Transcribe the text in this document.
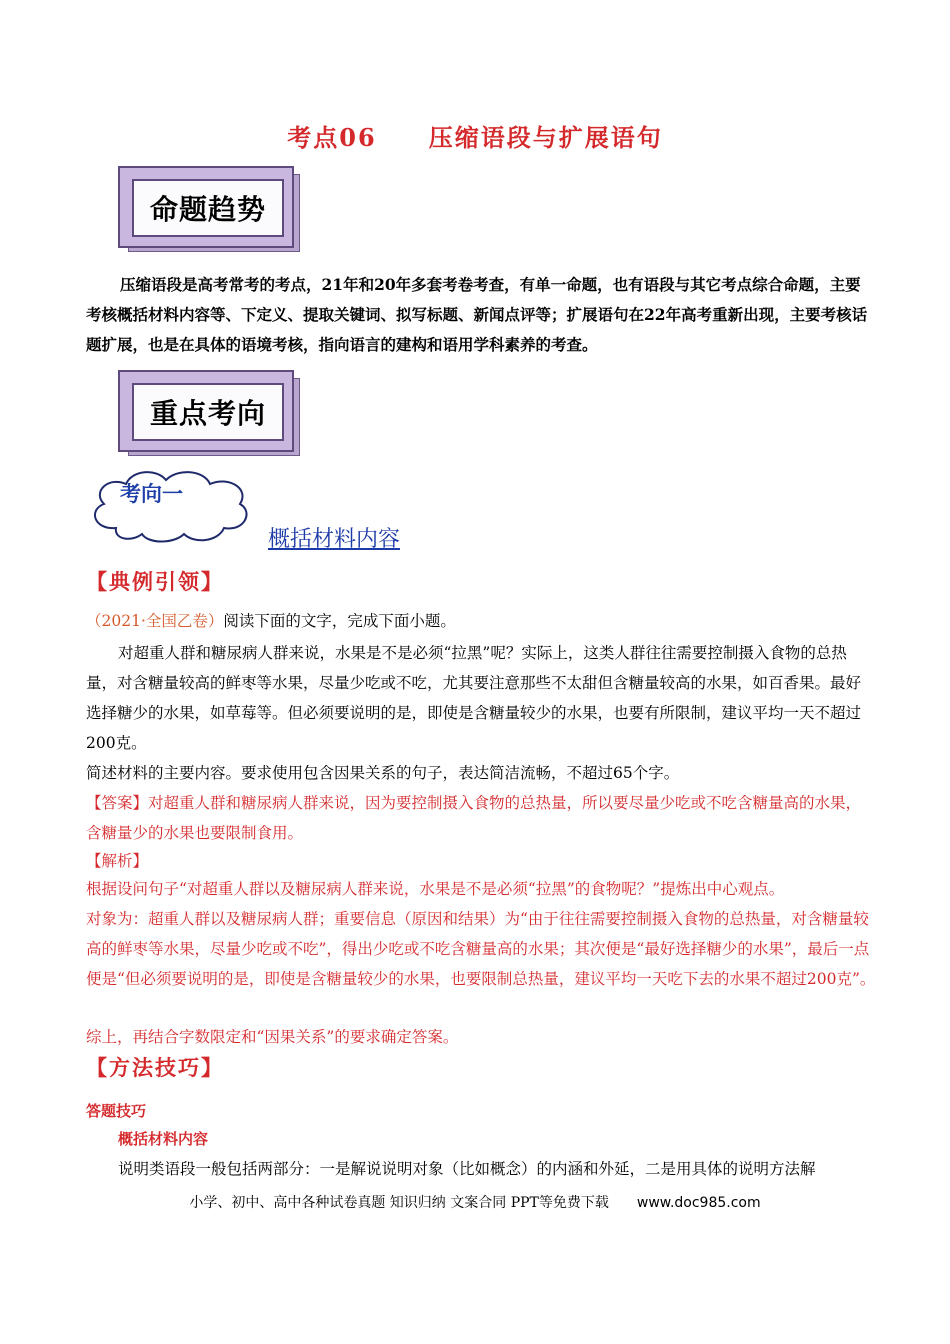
考点06 压缩语段与扩展语句
命题趋势
压缩语段是高考常考的考点，21年和20年多套考卷考查，有单一命题，也有语段与其它考点综合命题，主要考核概括材料内容等、下定义、提取关键词、拟写标题、新闻点评等；扩展语句在22年高考重新出现，主要考核话题扩展，也是在具体的语境考核，指向语言的建构和语用学科素养的考查。
重点考向
考向一
概括材料内容
【典例引领】
（2021·全国乙卷）阅读下面的文字，完成下面小题。
对超重人群和糖尿病人群来说，水果是不是必须“拉黑”呢？实际上，这类人群往往需要控制摄入食物的总热量，对含糖量较高的鲜枣等水果，尽量少吃或不吃，尤其要注意那些不太甜但含糖量较高的水果，如百香果。最好选择糖少的水果，如草莓等。但必须要说明的是，即使是含糖量较少的水果，也要有所限制，建议平均一天不超过200克。
简述材料的主要内容。要求使用包含因果关系的句子，表达简洁流畅，不超过65个字。
【答案】对超重人群和糖尿病人群来说，因为要控制摄入食物的总热量，所以要尽量少吃或不吃含糖量高的水果，含糖量少的水果也要限制食用。
【解析】
根据设问句子“对超重人群以及糖尿病人群来说，水果是不是必须“拉黑”的食物呢？”提炼出中心观点。
对象为：超重人群以及糖尿病人群；重要信息（原因和结果）为“由于往往需要控制摄入食物的总热量，对含糖量较高的鲜枣等水果，尽量少吃或不吃”，得出少吃或不吃含糖量高的水果；其次便是“最好选择糖少的水果”，最后一点便是“但必须要说明的是，即使是含糖量较少的水果，也要限制总热量，建议平均一天吃下去的水果不超过200克”。
综上，再结合字数限定和“因果关系”的要求确定答案。
【方法技巧】
答题技巧
概括材料内容
说明类语段一般包括两部分：一是解说说明对象（比如概念）的内涵和外延，二是用具体的说明方法解
小学、初中、高中各种试卷真题 知识归纳 文案合同 PPT等免费下载 www.doc985.com
